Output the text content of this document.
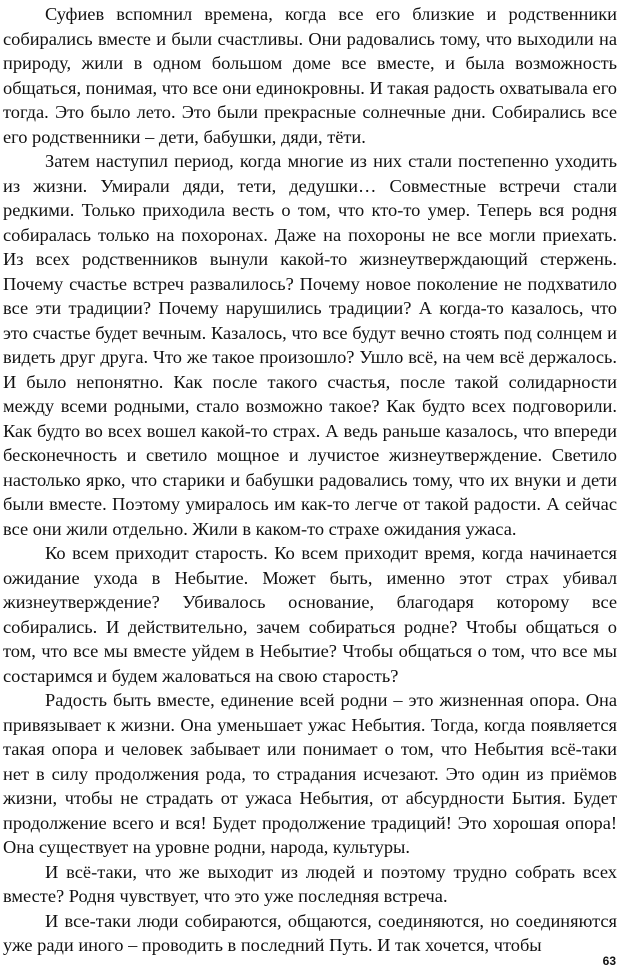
Суфиев вспомнил времена, когда все его близкие и родственники собирались вместе и были счастливы. Они радовались тому, что выходили на природу, жили в одном большом доме все вместе, и была возможность общаться, понимая, что все они единокровны. И такая радость охватывала его тогда. Это было лето. Это были прекрасные солнечные дни. Собирались все его родственники – дети, бабушки, дяди, тёти.

Затем наступил период, когда многие из них стали постепенно уходить из жизни. Умирали дяди, тети, дедушки… Совместные встречи стали редкими. Только приходила весть о том, что кто-то умер. Теперь вся родня собиралась только на похоронах. Даже на похороны не все могли приехать. Из всех родственников вынули какой-то жизнеутверждающий стержень. Почему счастье встреч развалилось? Почему новое поколение не подхватило все эти традиции? Почему нарушились традиции? А когда-то казалось, что это счастье будет вечным. Казалось, что все будут вечно стоять под солнцем и видеть друг друга. Что же такое произошло? Ушло всё, на чем всё держалось. И было непонятно. Как после такого счастья, после такой солидарности между всеми родными, стало возможно такое? Как будто всех подговорили. Как будто во всех вошел какой-то страх. А ведь раньше казалось, что впереди бесконечность и светило мощное и лучистое жизнеутверждение. Светило настолько ярко, что старики и бабушки радовались тому, что их внуки и дети были вместе. Поэтому умиралось им как-то легче от такой радости. А сейчас все они жили отдельно. Жили в каком-то страхе ожидания ужаса.

Ко всем приходит старость. Ко всем приходит время, когда начинается ожидание ухода в Небытие. Может быть, именно этот страх убивал жизнеутверждение? Убивалось основание, благодаря которому все собирались. И действительно, зачем собираться родне? Чтобы общаться о том, что все мы вместе уйдем в Небытие? Чтобы общаться о том, что все мы состаримся и будем жаловаться на свою старость?

Радость быть вместе, единение всей родни – это жизненная опора. Она привязывает к жизни. Она уменьшает ужас Небытия. Тогда, когда появляется такая опора и человек забывает или понимает о том, что Небытия всё-таки нет в силу продолжения рода, то страдания исчезают. Это один из приёмов жизни, чтобы не страдать от ужаса Небытия, от абсурдности Бытия. Будет продолжение всего и вся! Будет продолжение традиций! Это хорошая опора! Она существует на уровне родни, народа, культуры.

И всё-таки, что же выходит из людей и поэтому трудно собрать всех вместе? Родня чувствует, что это уже последняя встреча.

И все-таки люди собираются, общаются, соединяются, но соединяются уже ради иного – проводить в последний Путь. И так хочется, чтобы

63
